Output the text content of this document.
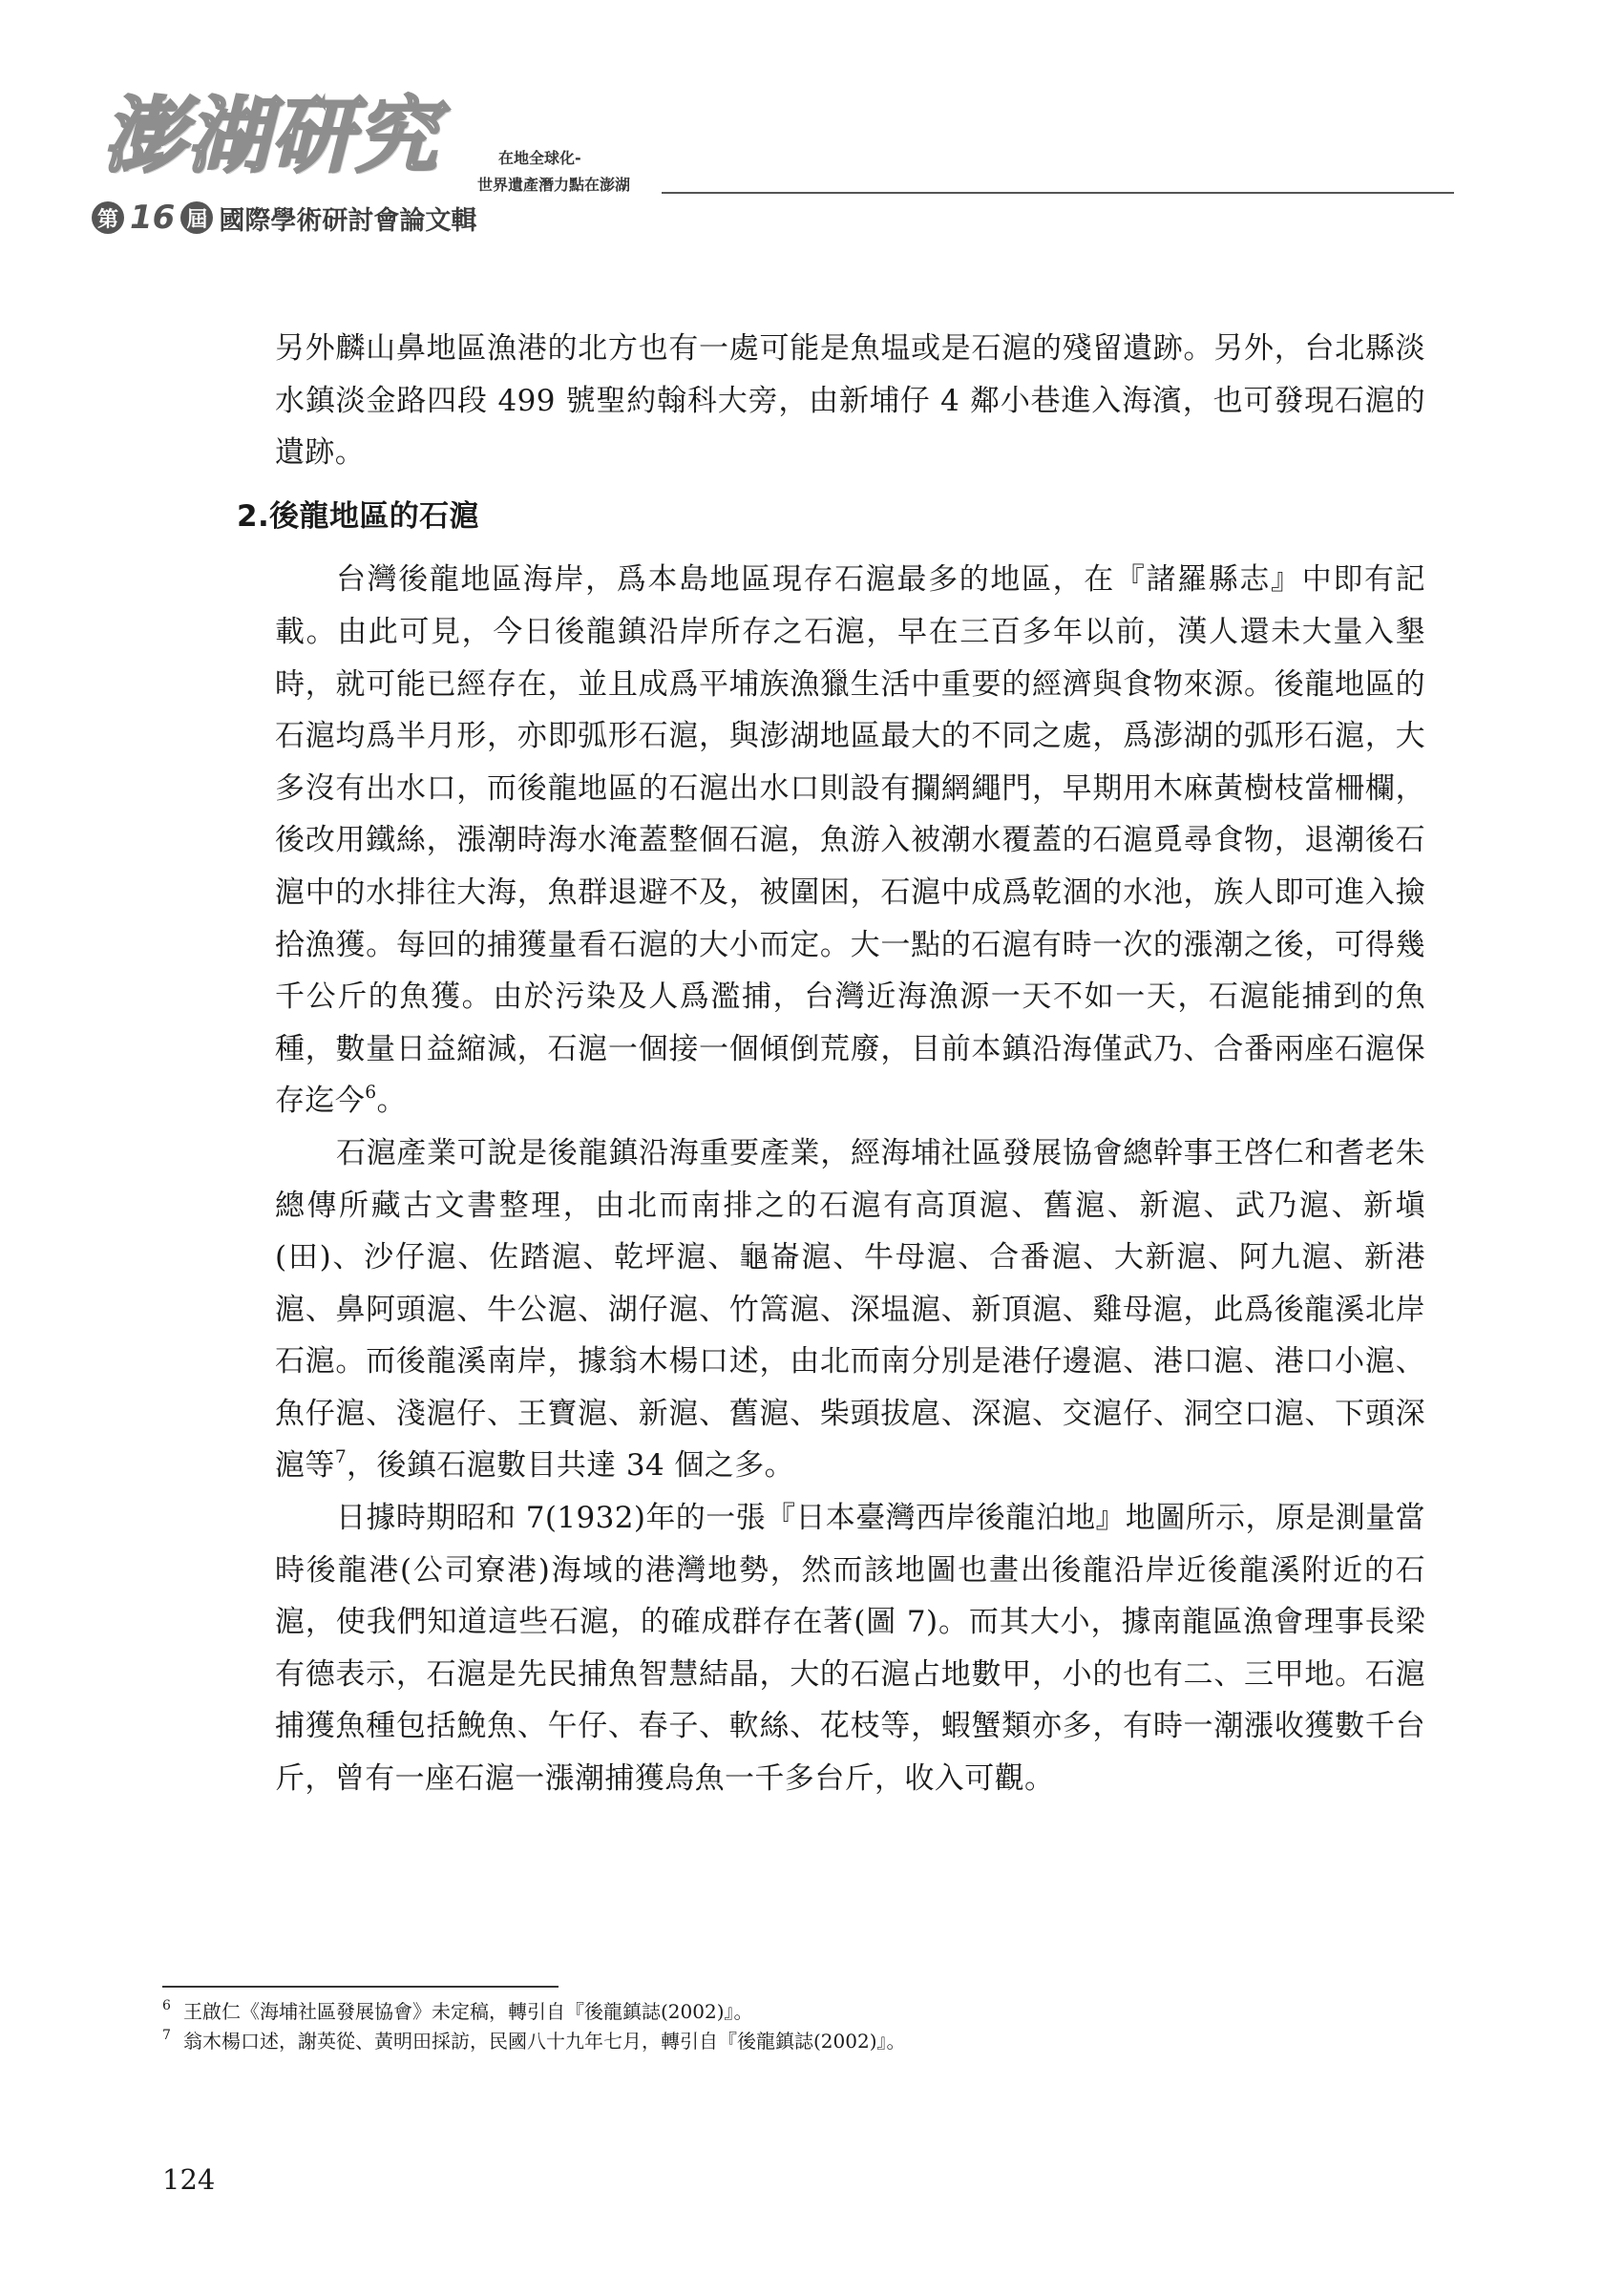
澎湖研究
第 16 屆 國際學術研討會論文輯
在地全球化-
世界遺產潛力點在澎湖

另外麟山鼻地區漁港的北方也有一處可能是魚塭或是石滬的殘留遺跡。另外，台北縣淡水鎮淡金路四段 499 號聖約翰科大旁，由新埔仔 4 鄰小巷進入海濱，也可發現石滬的遺跡。

2.後龍地區的石滬

台灣後龍地區海岸，爲本島地區現存石滬最多的地區，在『諸羅縣志』中即有記載。由此可見，今日後龍鎮沿岸所存之石滬，早在三百多年以前，漢人還未大量入墾時，就可能已經存在，並且成爲平埔族漁獵生活中重要的經濟與食物來源。後龍地區的石滬均爲半月形，亦即弧形石滬，與澎湖地區最大的不同之處，爲澎湖的弧形石滬，大多沒有出水口，而後龍地區的石滬出水口則設有攔網繩門，早期用木麻黃樹枝當柵欄，後改用鐵絲，漲潮時海水淹蓋整個石滬，魚游入被潮水覆蓋的石滬覓尋食物，退潮後石滬中的水排往大海，魚群退避不及，被圍困，石滬中成爲乾涸的水池，族人即可進入撿拾漁獲。每回的捕獲量看石滬的大小而定。大一點的石滬有時一次的漲潮之後，可得幾千公斤的魚獲。由於污染及人爲濫捕，台灣近海漁源一天不如一天，石滬能捕到的魚種，數量日益縮減，石滬一個接一個傾倒荒廢，目前本鎮沿海僅武乃、合番兩座石滬保存迄今$^6$。

石滬產業可說是後龍鎮沿海重要產業，經海埔社區發展協會總幹事王啓仁和耆老朱總傳所藏古文書整理，由北而南排之的石滬有高頂滬、舊滬、新滬、武乃滬、新塡(田)、沙仔滬、佐踏滬、乾坪滬、龜崙滬、牛母滬、合番滬、大新滬、阿九滬、新港滬、鼻阿頭滬、牛公滬、湖仔滬、竹篙滬、深塭滬、新頂滬、雞母滬，此爲後龍溪北岸石滬。而後龍溪南岸，據翁木楊口述，由北而南分別是港仔邊滬、港口滬、港口小滬、魚仔滬、淺滬仔、王寶滬、新滬、舊滬、柴頭拔扈、深滬、交滬仔、洞空口滬、下頭深滬等$^7$，後鎮石滬數目共達 34 個之多。

日據時期昭和 7(1932)年的一張『日本臺灣西岸後龍泊地』地圖所示，原是測量當時後龍港(公司寮港)海域的港灣地勢，然而該地圖也畫出後龍沿岸近後龍溪附近的石滬，使我們知道這些石滬，的確成群存在著(圖 7)。而其大小，據南龍區漁會理事長梁有德表示，石滬是先民捕魚智慧結晶，大的石滬占地數甲，小的也有二、三甲地。石滬捕獲魚種包括鮸魚、午仔、春子、軟絲、花枝等，蝦蟹類亦多，有時一潮漲收獲數千台斤，曾有一座石滬一漲潮捕獲烏魚一千多台斤，收入可觀。

6 王啟仁《海埔社區發展協會》未定稿，轉引自『後龍鎮誌(2002)』。
7 翁木楊口述，謝英從、黃明田採訪，民國八十九年七月，轉引自『後龍鎮誌(2002)』。
124
